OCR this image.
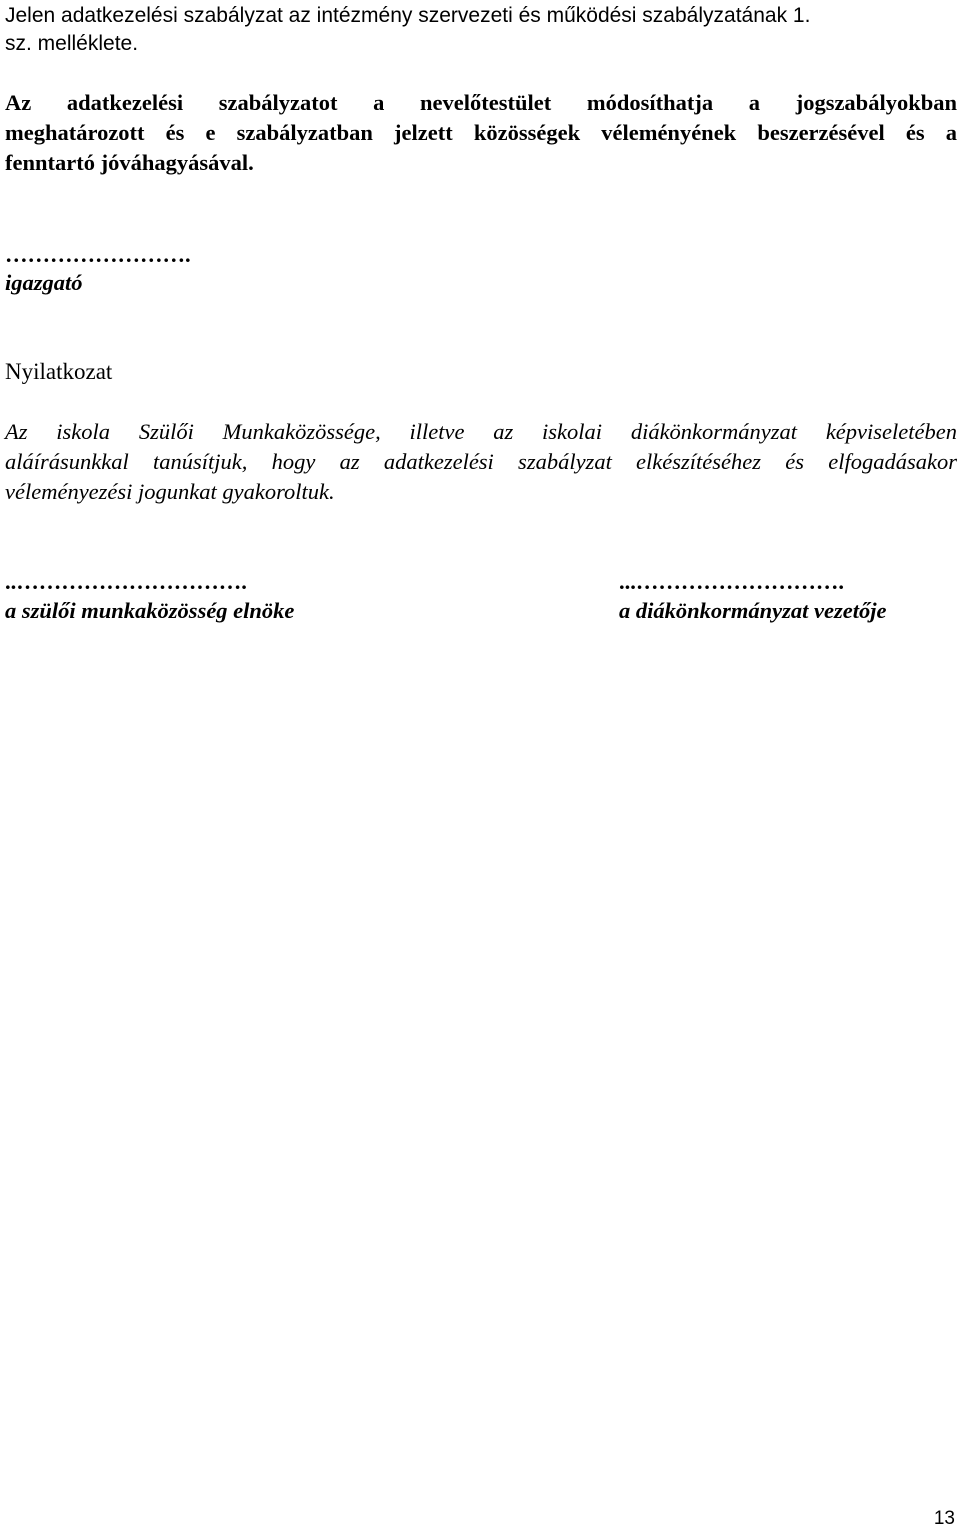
Jelen adatkezelési szabályzat az intézmény szervezeti és működési szabályzatának 1.

sz. melléklete.

Az adatkezelési szabályzatot a nevelőtestület módosíthatja a jogszabályokban

meghatározott és e szabályzatban jelzett közösségek véleményének beszerzésével és a

fenntartó jóváhagyásával.

…………………….

igazgató

Nyilatkozat

Az iskola Szülői Munkaközössége, illetve az iskolai diákönkormányzat képviseletében

aláírásunkkal tanúsítjuk, hogy az adatkezelési szabályzat elkészítéséhez és elfogadásakor

véleményezési jogunkat gyakoroltuk.

..………………………….

a szülői munkaközösség elnöke

...……………………….

a diákönkormányzat vezetője

13
